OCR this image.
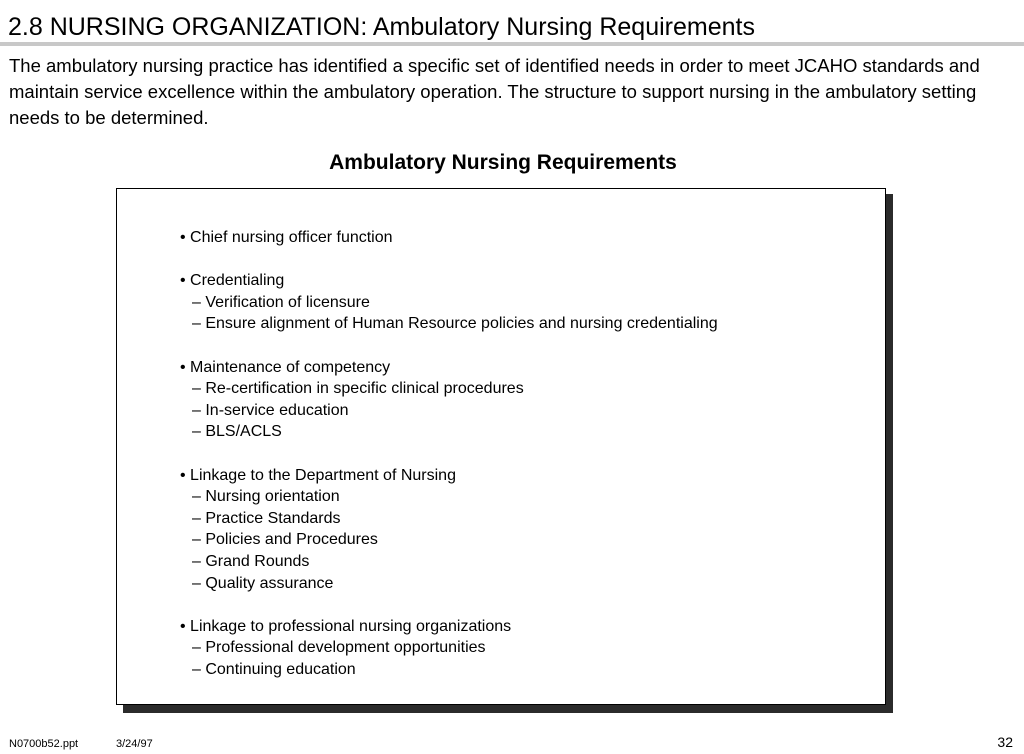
2.8 NURSING ORGANIZATION: Ambulatory Nursing Requirements
The ambulatory nursing practice has identified a specific set of identified needs in order to meet JCAHO standards and maintain service excellence within the ambulatory operation. The structure to support nursing in the ambulatory setting needs to be determined.
Ambulatory Nursing Requirements
• Chief nursing officer function
• Credentialing
– Verification of licensure
– Ensure alignment of Human Resource policies and nursing credentialing
• Maintenance of competency
– Re-certification in specific clinical procedures
– In-service education
– BLS/ACLS
• Linkage to the Department of Nursing
– Nursing orientation
– Practice Standards
– Policies and Procedures
– Grand Rounds
– Quality assurance
• Linkage to professional nursing organizations
– Professional development opportunities
– Continuing education
N0700b52.ppt	3/24/97	32
